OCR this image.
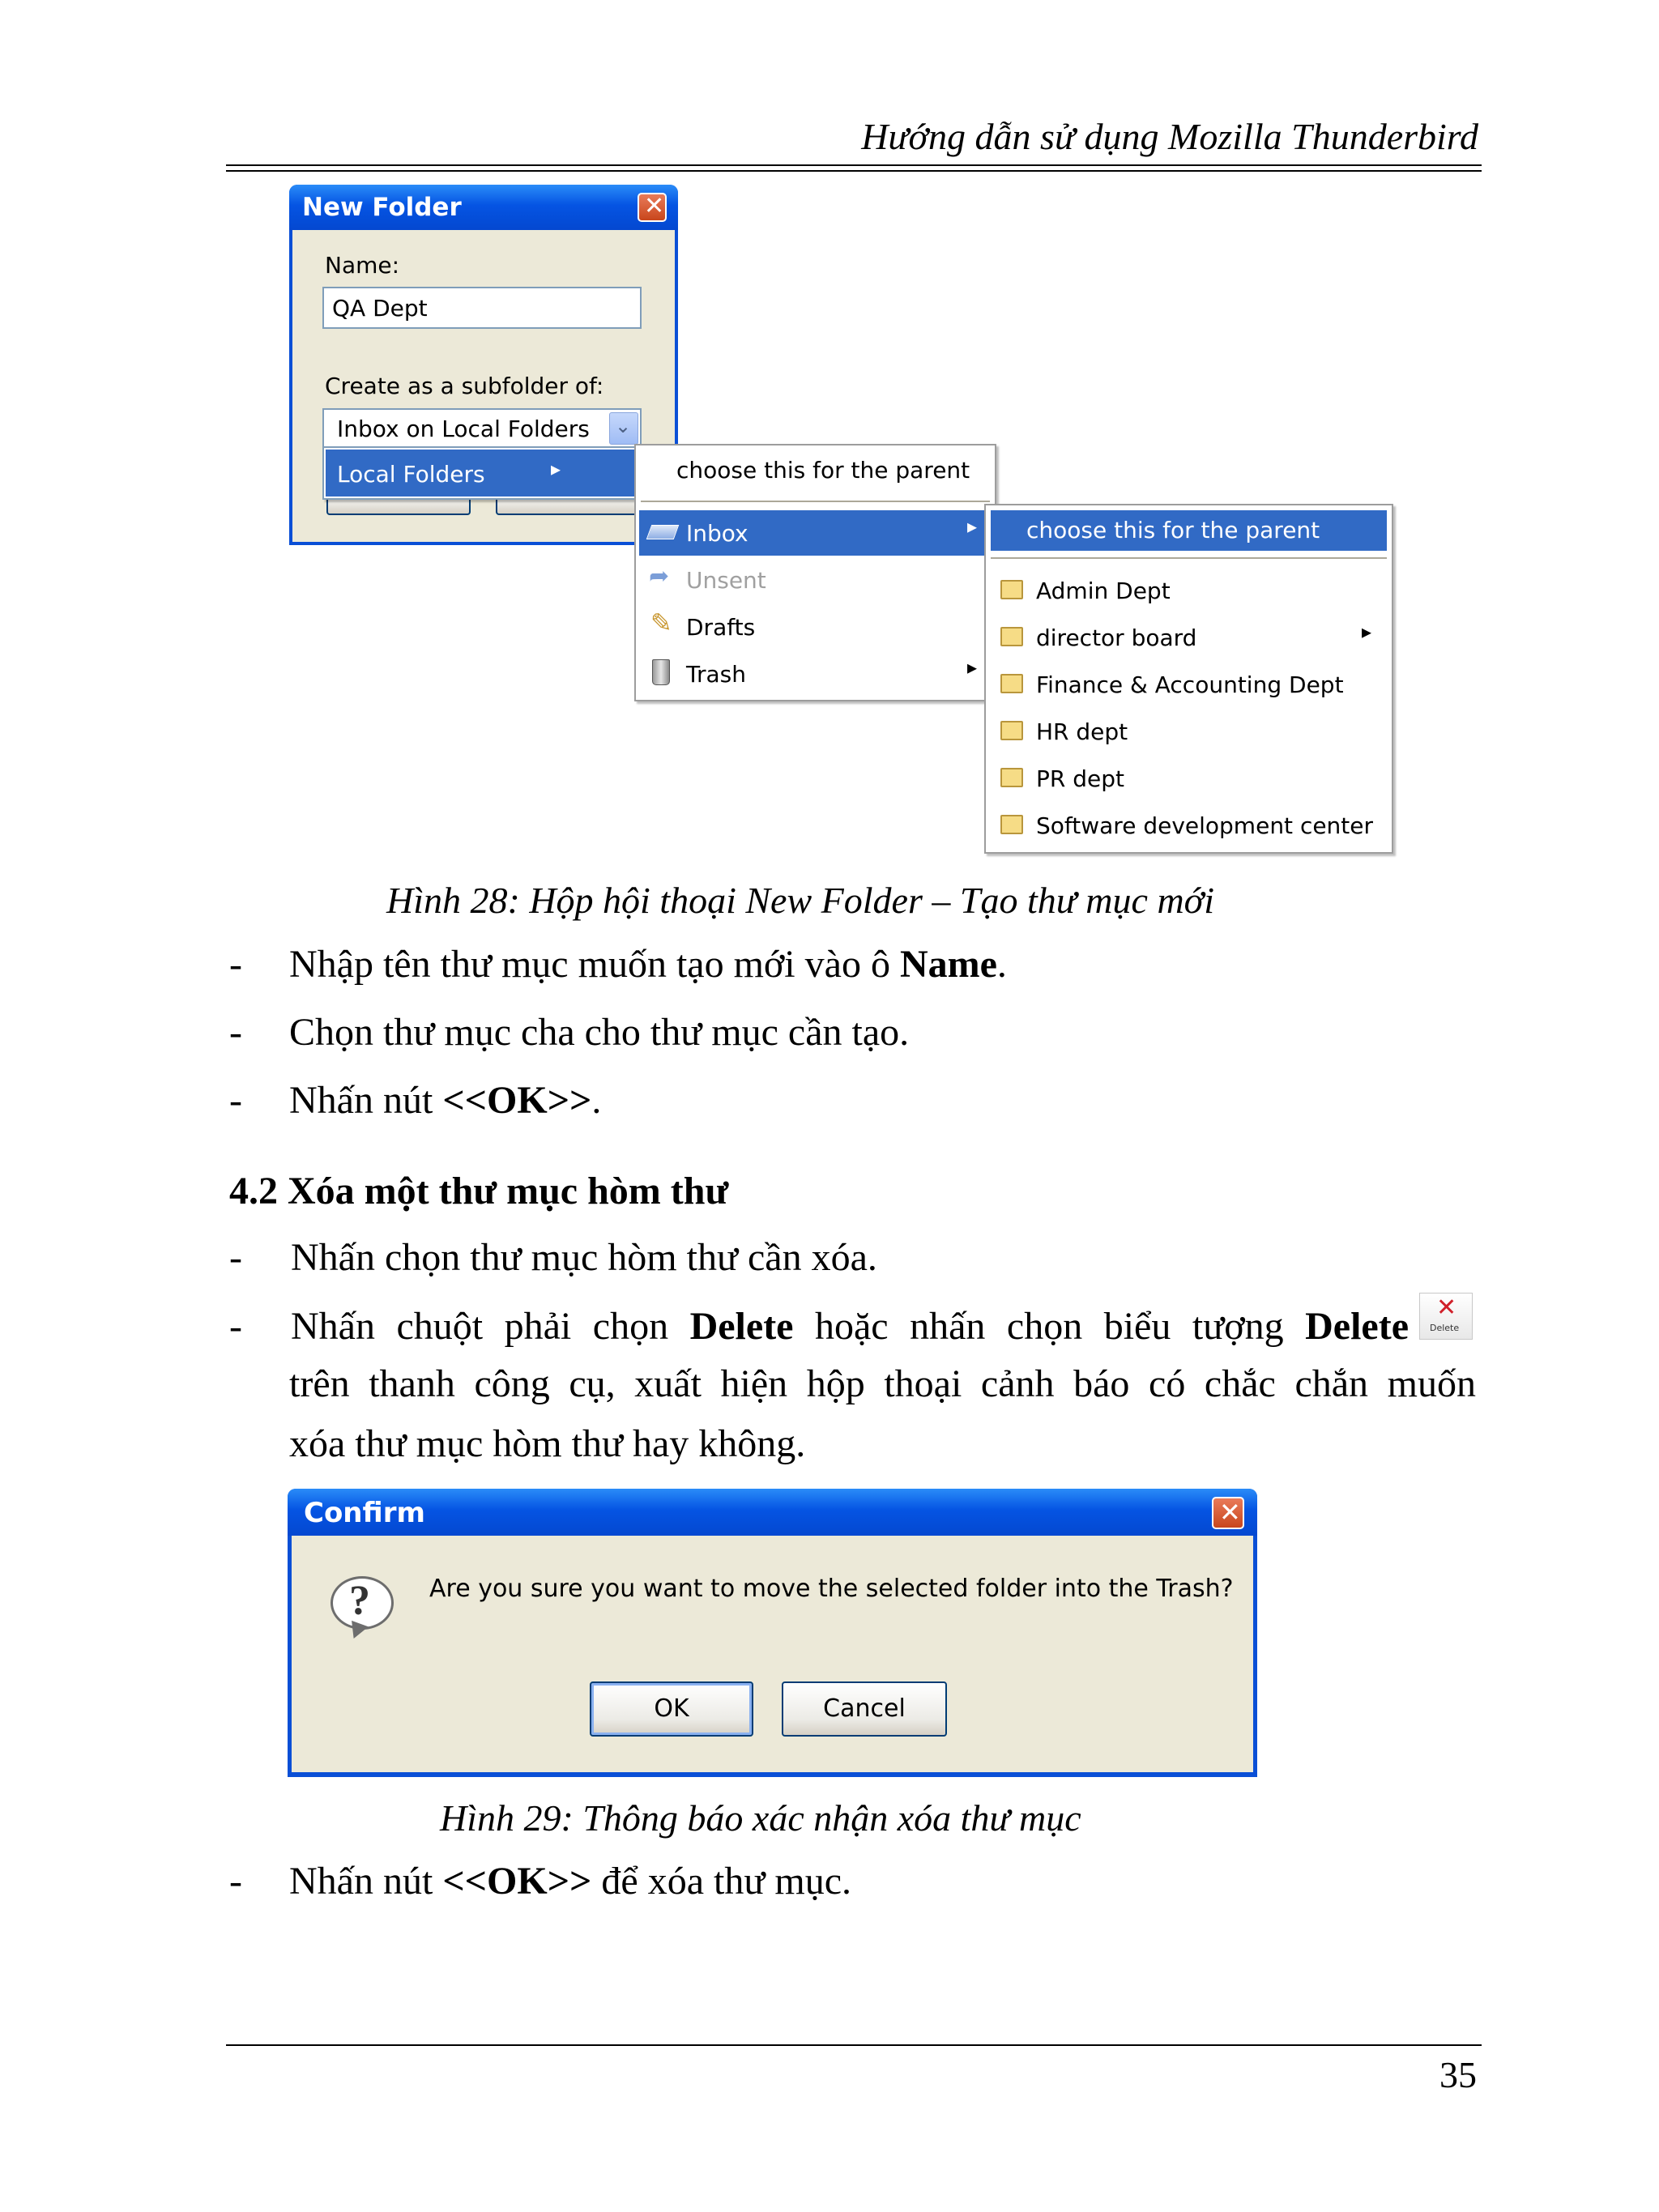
Hướng dẫn sử dụng Mozilla Thunderbird
New Folder	✕
Name:
QA Dept
Create as a subfolder of:
Inbox on Local Folders ⌄
Local Folders	▸	choose this for the parent
Inbox	▸
➦ Unsent
✎ Drafts
Trash	▸
choose this for the parent
Admin Dept
director board	▸
Finance & Accounting Dept
HR dept
PR dept
Software development center
Hình 28: Hộp hội thoại New Folder – Tạo thư mục mới
- Nhập tên thư mục muốn tạo mới vào ô Name.
- Chọn thư mục cha cho thư mục cần tạo.
- Nhấn nút <<OK>>.
4.2 Xóa một thư mục hòm thư
- Nhấn chọn thư mục hòm thư cần xóa.
- Nhấn chuột phải chọn Delete hoặc nhấn chọn biểu tượng Delete ✕
Delete
trên thanh công cụ, xuất hiện hộp thoại cảnh báo có chắc chắn muốn
xóa thư mục hòm thư hay không.
Confirm	✕
? Are you sure you want to move the selected folder into the Trash?
OK	Cancel
Hình 29: Thông báo xác nhận xóa thư mục
- Nhấn nút <<OK>> để xóa thư mục.
35
